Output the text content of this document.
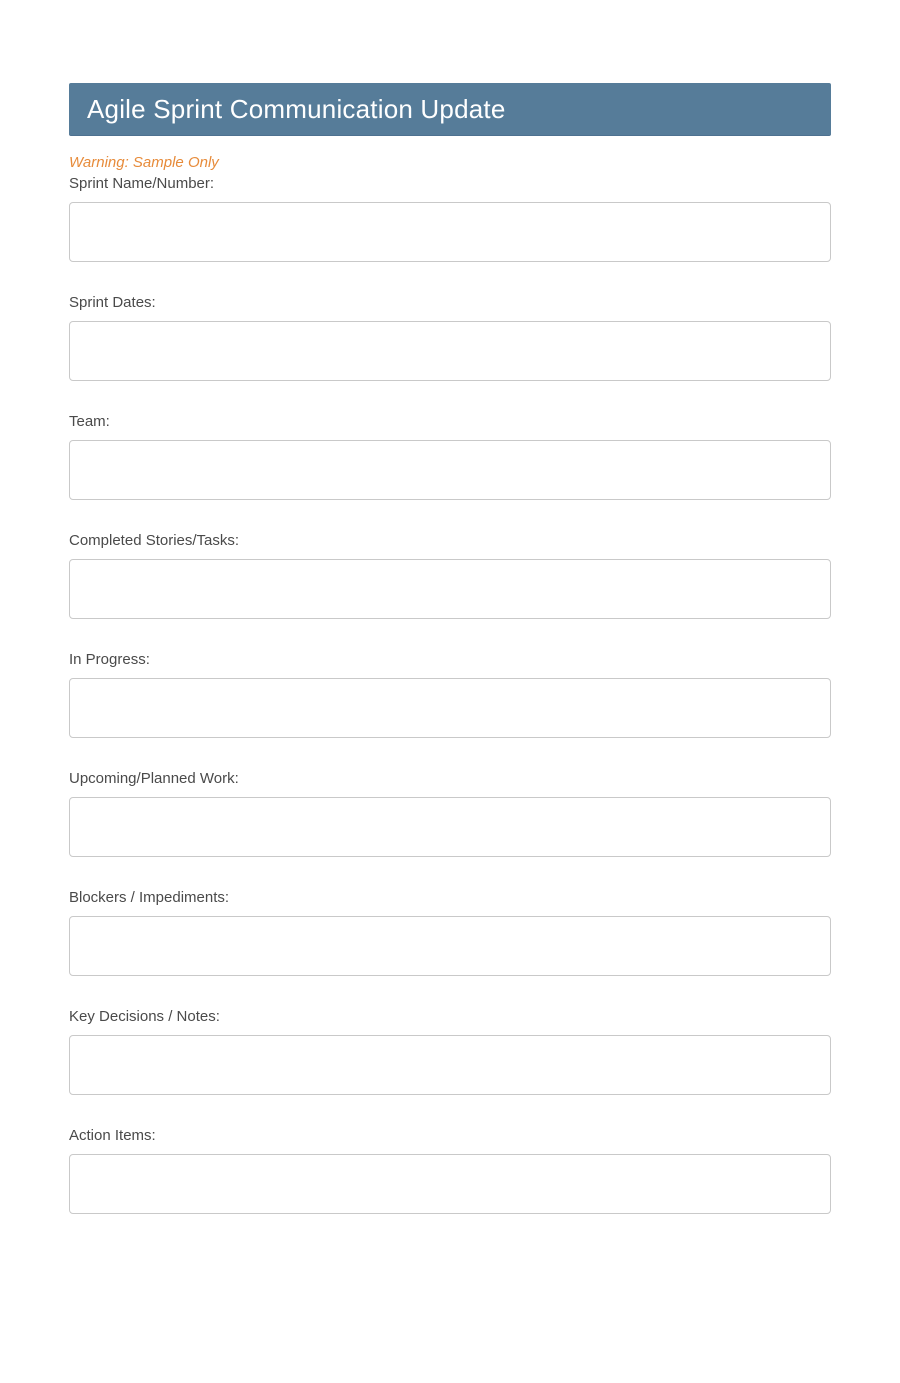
Agile Sprint Communication Update

Warning: Sample Only

Sprint Name/Number:
Sprint Dates:
Team:
Completed Stories/Tasks:
In Progress:
Upcoming/Planned Work:
Blockers / Impediments:
Key Decisions / Notes:
Action Items:
